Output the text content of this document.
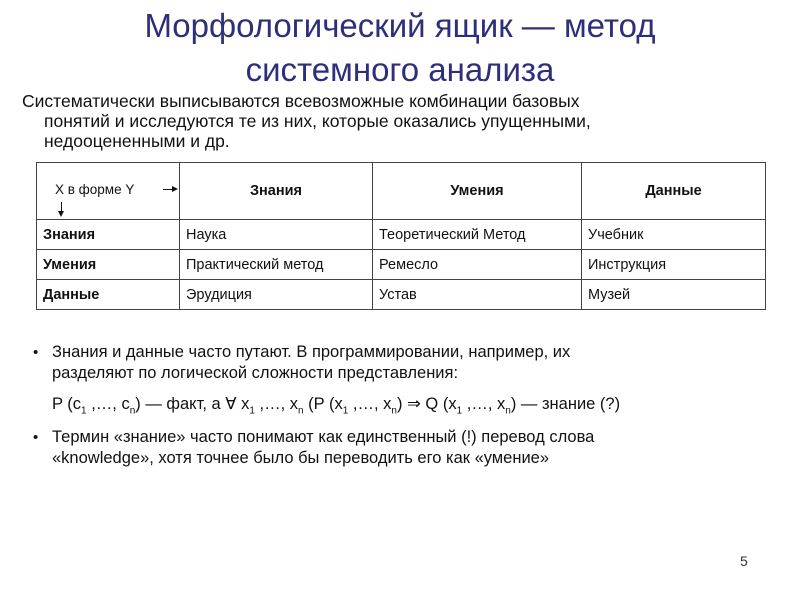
Морфологический ящик — метод
системного анализа
Систематически выписываются всевозможные комбинации базовых
понятий и исследуются те из них, которые оказались упущенными,
недооцененными и др.
X в форме Y	Знания	Умения	Данные
Знания	Наука	Теоретический Метод	Учебник
Умения	Практический метод	Ремесло	Инструкция
Данные	Эрудиция	Устав	Музей
• Знания и данные часто путают. В программировании, например, их
разделяют по логической сложности представления:
P ($c_1$ ,…, $c_n$) — факт, а ∀ $x_1$ ,…, $x_n$ (P ($x_1$ ,…, $x_n$) ⇒ Q ($x_1$ ,…, $x_n$) — знание (?)
• Термин «знание» часто понимают как единственный (!) перевод слова
«knowledge», хотя точнее было бы переводить его как «умение»
5
